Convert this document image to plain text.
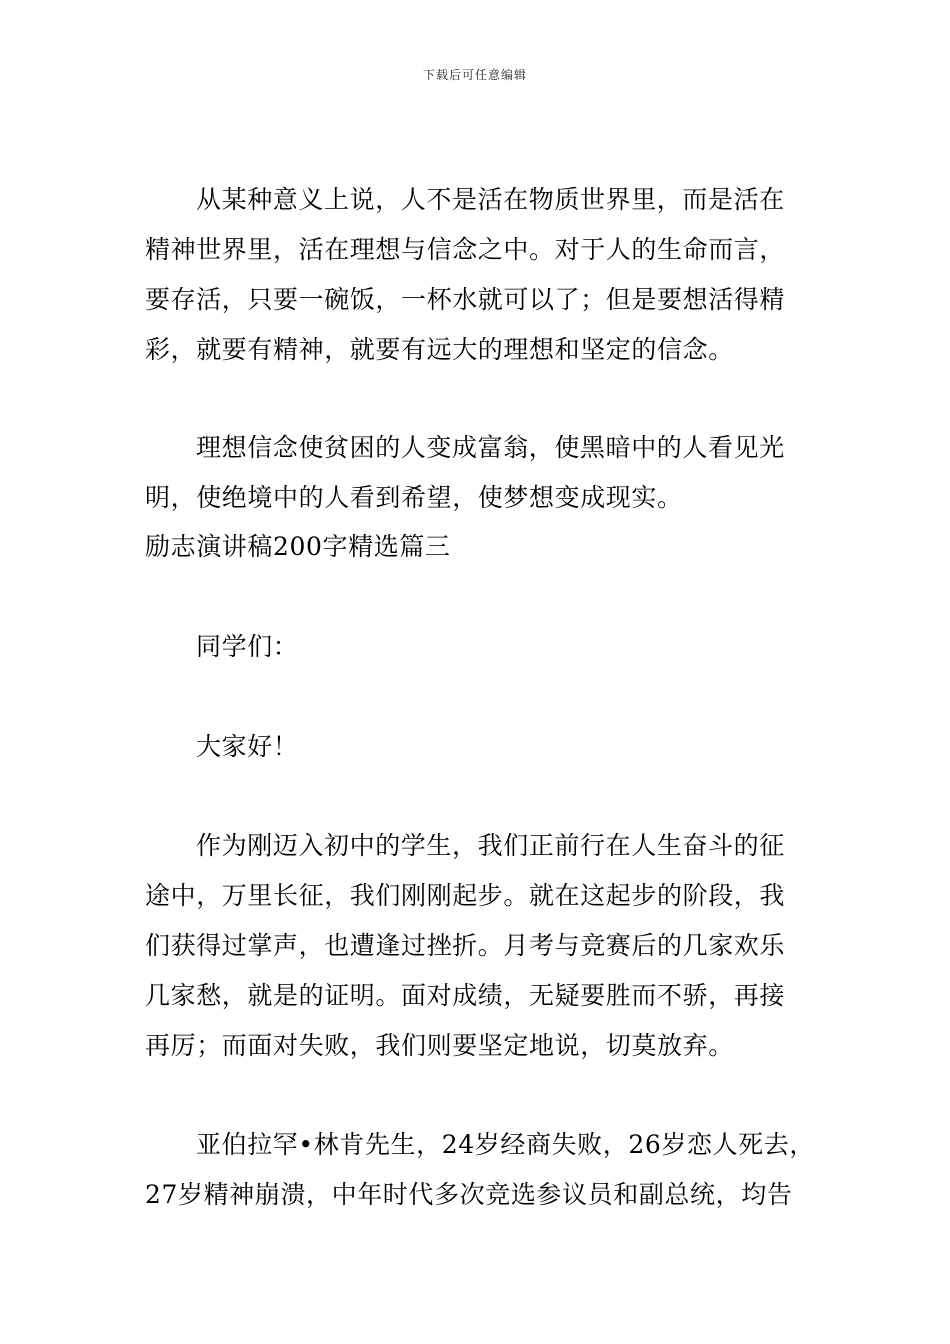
下载后可任意编辑
从某种意义上说，人不是活在物质世界里，而是活在
精神世界里，活在理想与信念之中。对于人的生命而言，
要存活，只要一碗饭，一杯水就可以了；但是要想活得精
彩，就要有精神，就要有远大的理想和坚定的信念。
理想信念使贫困的人变成富翁，使黑暗中的人看见光
明，使绝境中的人看到希望，使梦想变成现实。
励志演讲稿200字精选篇三
同学们：
大家好！
作为刚迈入初中的学生，我们正前行在人生奋斗的征
途中，万里长征，我们刚刚起步。就在这起步的阶段，我
们获得过掌声，也遭逢过挫折。月考与竞赛后的几家欢乐
几家愁，就是的证明。面对成绩，无疑要胜而不骄，再接
再厉；而面对失败，我们则要坚定地说，切莫放弃。
亚伯拉罕•林肯先生，24岁经商失败，26岁恋人死去，
27岁精神崩溃，中年时代多次竞选参议员和副总统，均告
